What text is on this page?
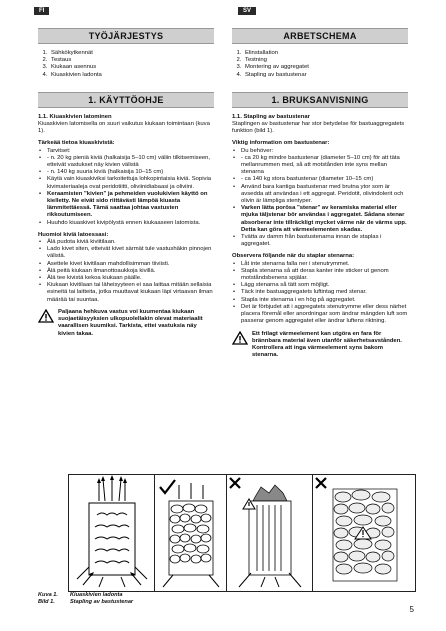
FI	SV
TYÖJÄRJESTYS
1. Sähkökytkennät
2. Testaus
3. Kiukaan asennus
4. Kiuaskivien ladonta
1. KÄYTTÖOHJE
1.1. Kiuaskivien latominen

Kiuaskivien latomisella on suuri vaikutus kiukaan toimintaan (kuva 1).

Tärkeää tietoa kiuaskivistä:

• Tarvitset:
• - n. 20 kg pieniä kiviä (halkaisija 5–10 cm) väliin tilkitsemiseen, etteivät vastukset näy kivien välistä
• - n. 140 kg suuria kiviä (halkaisija 10–15 cm)
• Käytä vain kiuaskiviksi tarkoitettuja lohkopintaisia kiviä. Sopivia kivimateriaaleja ovat peridotiitti, oliviinidiabaasi ja oliviini.
• Keraamisten "kivien" ja pehmeiden vuolukivien käyttö on kielletty. Ne eivät sido riittävästi lämpöä kiuasta lämmitettäessä. Tämä saattaa johtaa vastusten rikkoutumiseen.
• Huuhdo kiuaskivet kivipölystä ennen kiukaaseen latomista.

Huomioi kiviä latoessasi:

• Älä pudota kiviä kiviitilaan.
• Lado kivet siten, etteivät kivet särmät tule vastushäkin pinnojen välistä.
• Asettele kivet kivitilaan mahdollisimman tiiviisti.
• Älä peitä kiukaan ilmanottoaukkoja kivillä.
• Älä tee kivistä kekoa kiukaan päälle.
• Kiukaan kivitilaan tai läheisyyteen ei saa laittaa mitään sellaisia esineitä tai laitteita, jotka muuttavat kiukaan läpi virtaavan ilman määrää tai suuntaa.
Paljaana hehkuva vastus voi kuumentaa kiukaan suojaetäisyyksien ulkopuolellakin olevat materiaalit vaarallisen kuumiksi. Tarkista, ettei vastuksia näy kivien takaa.
ARBETSCHEMA
1. Elinstallation
2. Testning
3. Montering av aggregatet
4. Stapling av bastustenar
1. BRUKSANVISNING
1.1. Stapling av bastustenar

Staplingen av bastustenar har stor betydelse för bastuaggregatets funktion (bild 1).

Viktig information om bastustenar:

• Du behöver:
• - ca 20 kg mindre bastustenar (diameter 5–10 cm) för att täta mellanrummen med, så att motstånden inte syns mellan stenarna
• - ca 140 kg stora bastustenar (diameter 10–15 cm)
• Använd bara kantiga bastustenar med brutna ytor som är avsedda att användas i ett aggregat. Peridotit, olivindolerit och olivin är lämpliga stentyper.
• Varken lätta porösa "stenar" av keramiska material eller mjuka täljstenar bör användas i aggregatet. Sådana stenar absorberar inte tillräckligt mycket värme när de värms upp. Detta kan göra att värmeelementen skadas.
• Tvätta av damm från bastustenarna innan de staplas i aggregatet.

Observera följande när du staplar stenarna:

• Låt inte stenarna falla ner i stenutrymmet.
• Stapla stenarna så att deras kanter inte sticker ut genom motståndsbenens spjälar.
• Lägg stenarna så tätt som möjligt.
• Täck inte bastuaggregatets luftintag med stenar.
• Stapla inte stenarna i en hög på aggregatet.
• Det är förbjudet att i aggregatets stenutrymme eller dess närhet placera föremål eller anordningar som ändrar mängden luft som passerar genom aggregatet eller ändrar luftens riktning.
Ett frilagt värmeelement kan utgöra en fara för brännbara material även utanför säkerhetsavstånden. Kontrollera att inga värmeelement syns bakom stenarna.
Kuva 1.	Kiuaskivien ladonta
Bild 1.	Stapling av bastustenar
5
